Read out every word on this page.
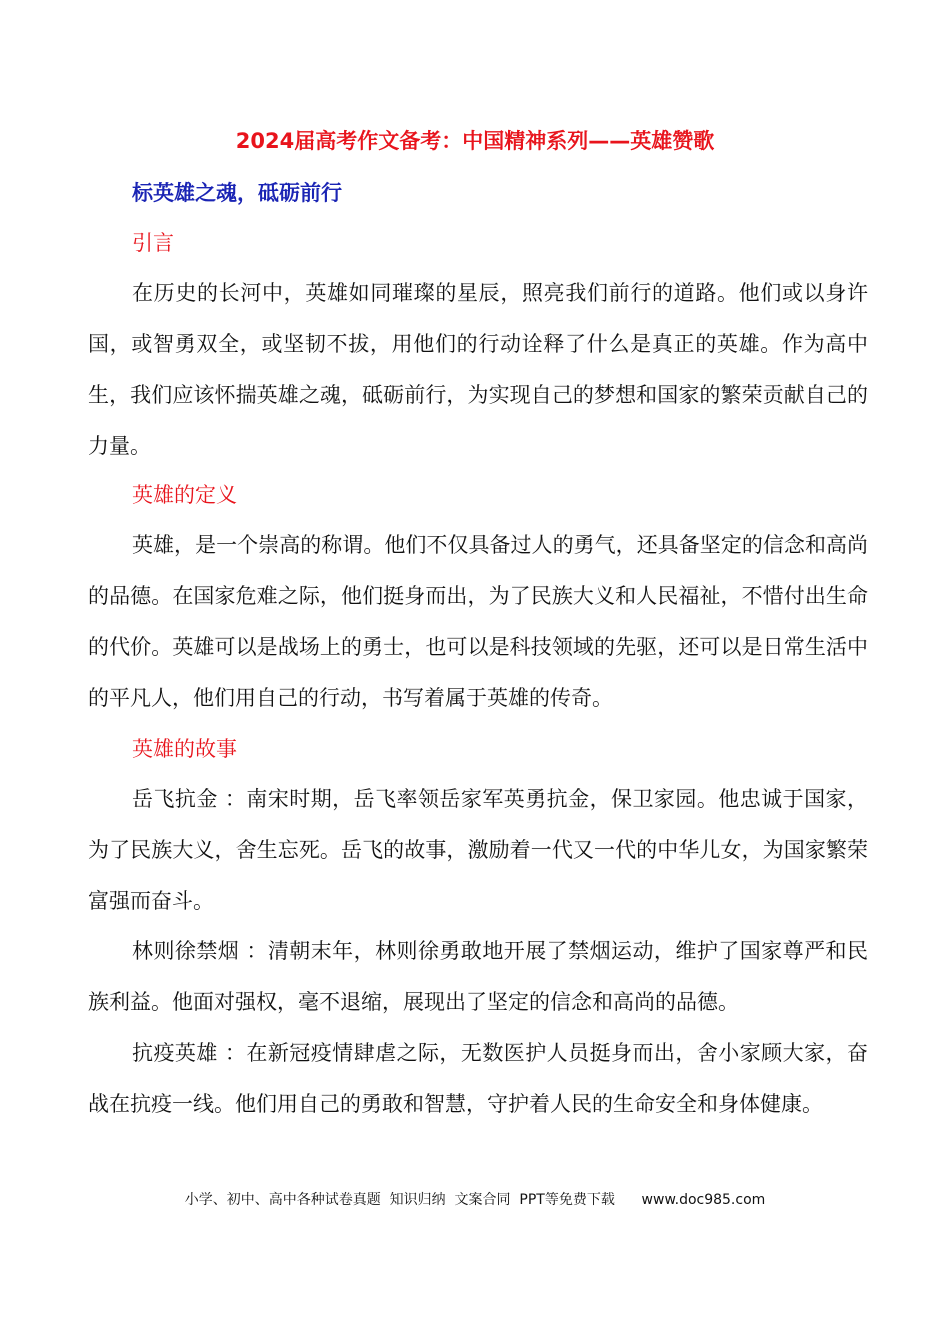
2024届高考作文备考：中国精神系列——英雄赞歌
标英雄之魂，砥砺前行
引言

在历史的长河中，英雄如同璀璨的星辰，照亮我们前行的道路。他们或以身许国，或智勇双全，或坚韧不拔，用他们的行动诠释了什么是真正的英雄。作为高中生，我们应该怀揣英雄之魂，砥砺前行，为实现自己的梦想和国家的繁荣贡献自己的力量。

英雄的定义

英雄，是一个崇高的称谓。他们不仅具备过人的勇气，还具备坚定的信念和高尚的品德。在国家危难之际，他们挺身而出，为了民族大义和人民福祉，不惜付出生命的代价。英雄可以是战场上的勇士，也可以是科技领域的先驱，还可以是日常生活中的平凡人，他们用自己的行动，书写着属于英雄的传奇。

英雄的故事

岳飞抗金 ：南宋时期，岳飞率领岳家军英勇抗金，保卫家园。他忠诚于国家，为了民族大义，舍生忘死。岳飞的故事，激励着一代又一代的中华儿女，为国家繁荣富强而奋斗。

林则徐禁烟 ：清朝末年，林则徐勇敢地开展了禁烟运动，维护了国家尊严和民族利益。他面对强权，毫不退缩，展现出了坚定的信念和高尚的品德。

抗疫英雄 ：在新冠疫情肆虐之际，无数医护人员挺身而出，舍小家顾大家，奋战在抗疫一线。他们用自己的勇敢和智慧，守护着人民的生命安全和身体健康。

小学、初中、高中各种试卷真题  知识归纳  文案合同  PPT等免费下载 www.doc985.com
